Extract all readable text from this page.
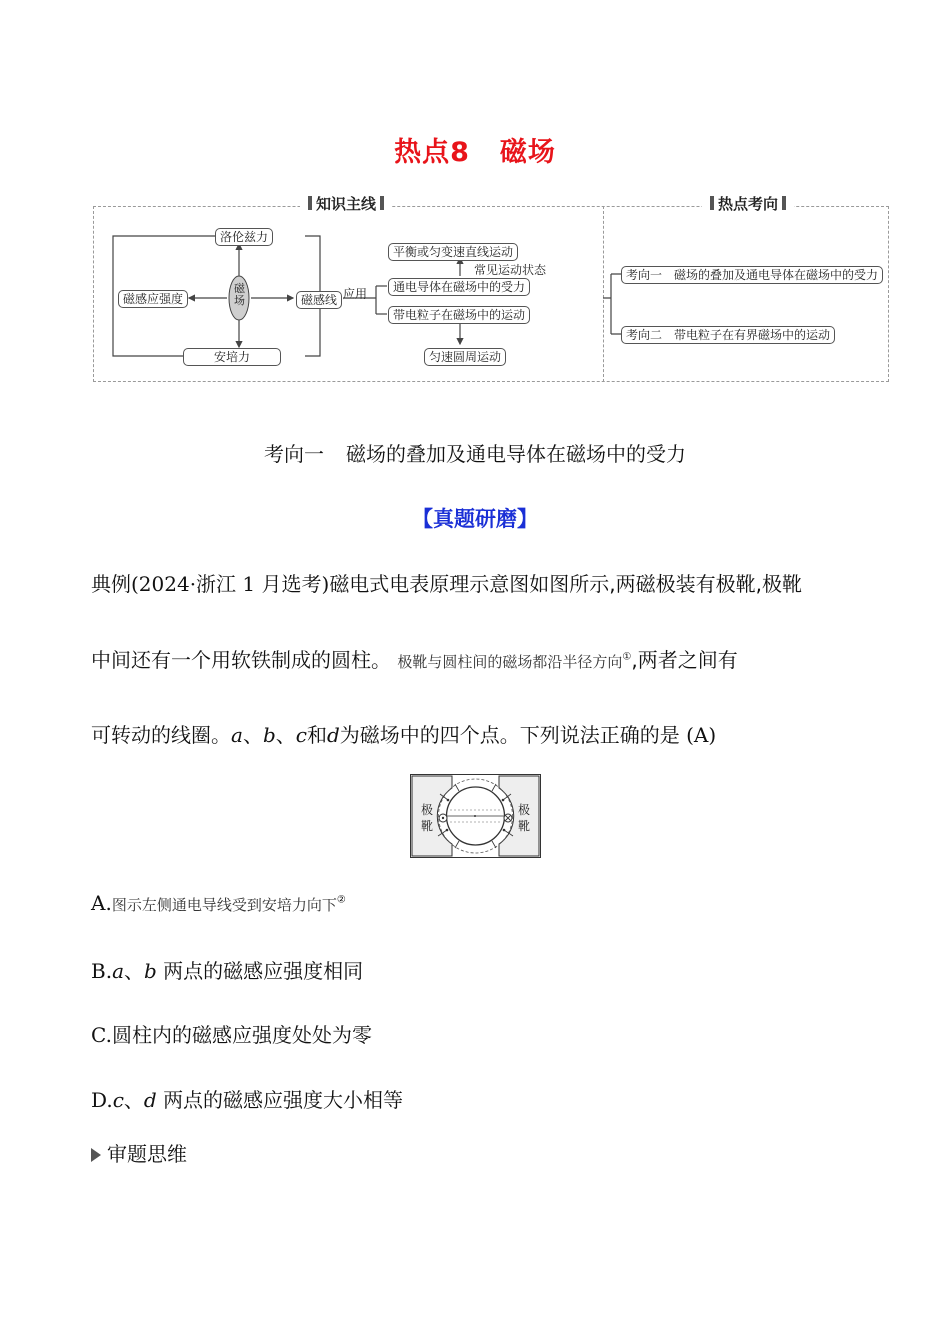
热点8 磁场
知识主线	热点考向
磁场
洛伦兹力
磁感应强度	磁感线
安培力
应用
平衡或匀变速直线运动
常见运动状态
通电导体在磁场中的受力
带电粒子在磁场中的运动
匀速圆周运动
考向一　磁场的叠加及通电导体在磁场中的受力
考向二　带电粒子在有界磁场中的运动
考向一 磁场的叠加及通电导体在磁场中的受力
【真题研磨】
典例(2024·浙江 1 月选考)磁电式电表原理示意图如图所示,两磁极装有极靴,极靴
中间还有一个用软铁制成的圆柱。 极靴与圆柱间的磁场都沿半径方向①,两者之间有
可转动的线圈。a、b、c和d为磁场中的四个点。下列说法正确的是 (A)
极
靴
极
靴
A.图示左侧通电导线受到安培力向下②
B.a、b 两点的磁感应强度相同
C.圆柱内的磁感应强度处处为零
D.c、d 两点的磁感应强度大小相等
审题思维
